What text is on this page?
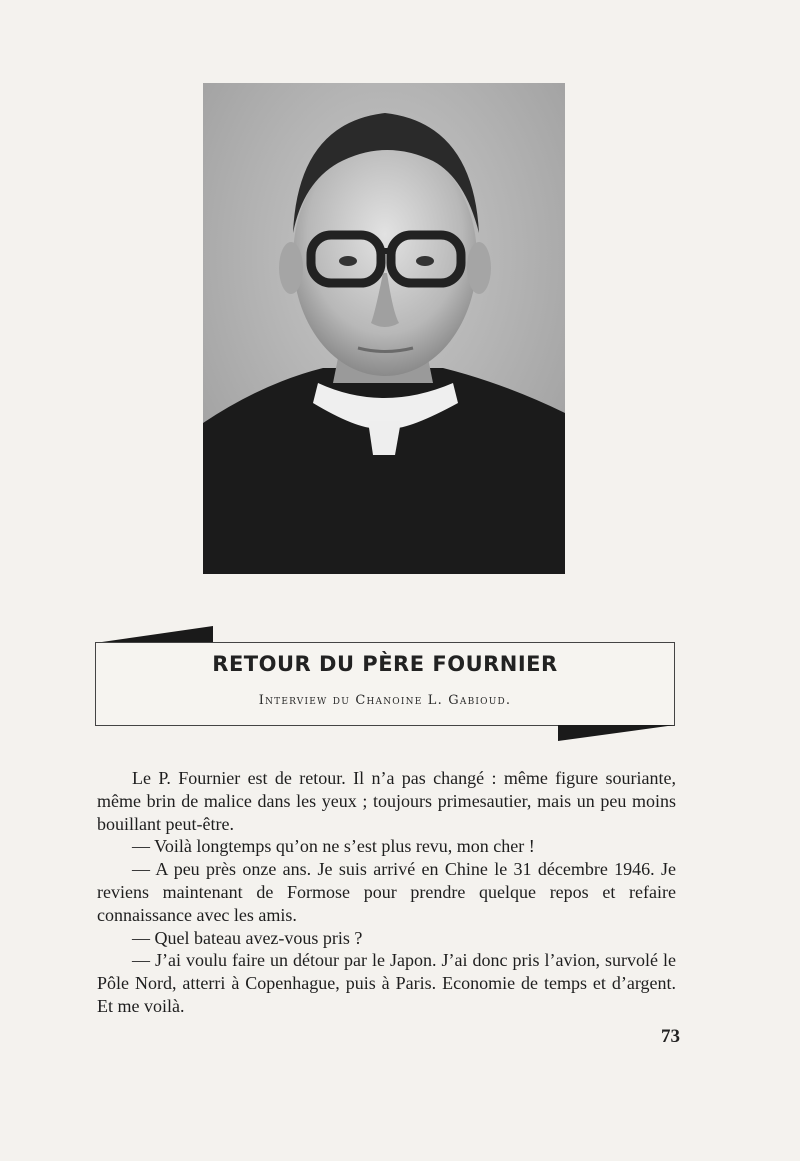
RETOUR DU PÈRE FOURNIER
Interview du Chanoine L. Gabioud.

Le P. Fournier est de retour. Il n’a pas changé : même figure souriante, même brin de malice dans les yeux ; toujours primesautier, mais un peu moins bouillant peut-être.

— Voilà longtemps qu’on ne s’est plus revu, mon cher !

— A peu près onze ans. Je suis arrivé en Chine le 31 décembre 1946. Je reviens maintenant de Formose pour prendre quelque repos et refaire connaissance avec les amis.

— Quel bateau avez-vous pris ?

— J’ai voulu faire un détour par le Japon. J’ai donc pris l’avion, survolé le Pôle Nord, atterri à Copenhague, puis à Paris. Economie de temps et d’argent. Et me voilà.

73
